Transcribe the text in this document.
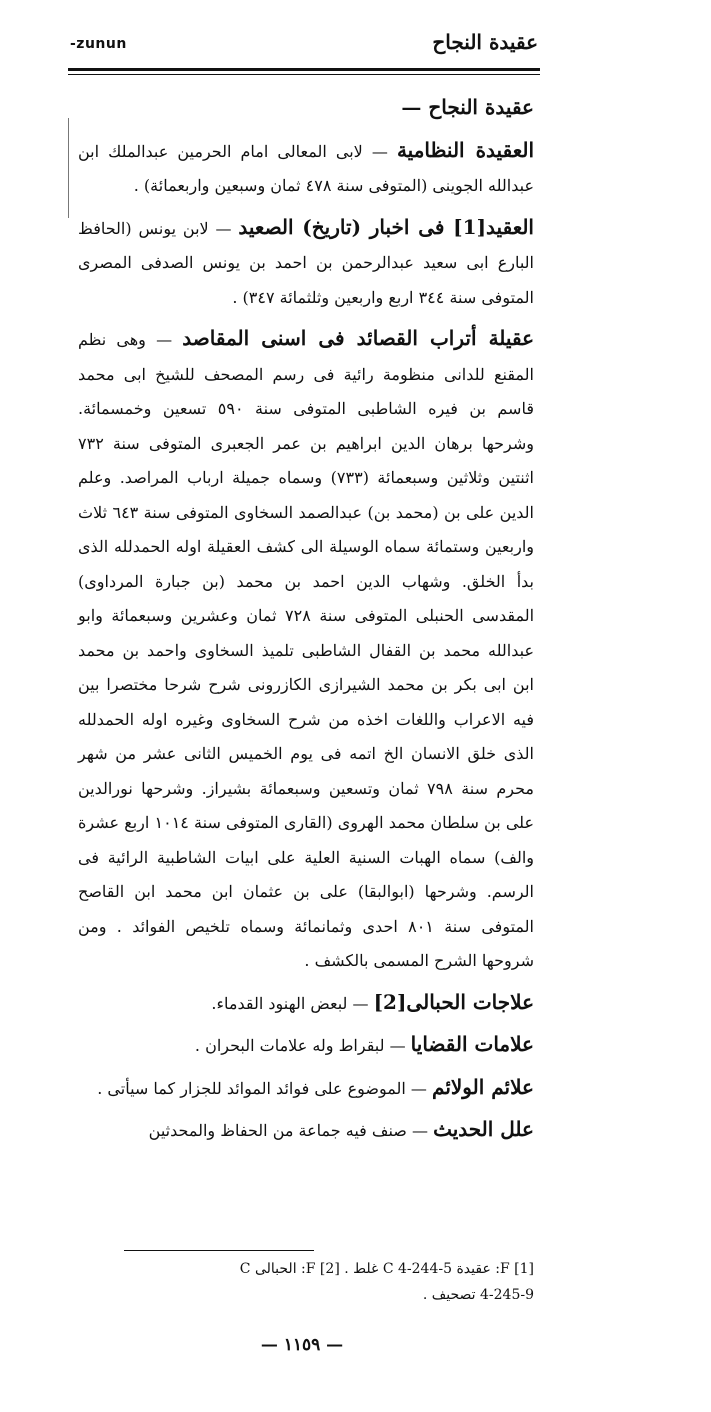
-zunun	عقيدة النجاح

عقيدة النجاح —

العقيدة النظامية — لابى المعالى امام الحرمين عبدالملك ابن عبدالله الجوينى (المتوفى سنة ٤٧٨ ثمان وسبعين واربعمائة) .

العقيد[1] فى اخبار (تاريخ) الصعيد — لابن يونس (الحافظ البارع ابى سعيد عبدالرحمن بن احمد بن يونس الصدفى المصرى المتوفى سنة ٣٤٤ اربع واربعين وثلثمائة ٣٤٧) .

عقيلة أتراب القصائد فى اسنى المقاصد — وهى نظم المقنع للدانى منظومة رائية فى رسم المصحف للشيخ ابى محمد قاسم بن فيره الشاطبى المتوفى سنة ٥٩٠ تسعين وخمسمائة. وشرحها برهان الدين ابراهيم بن عمر الجعبرى المتوفى سنة ٧٣٢ اثنتين وثلاثين وسبعمائة (٧٣٣) وسماه جميلة ارباب المراصد. وعلم الدين على بن (محمد بن) عبدالصمد السخاوى المتوفى سنة ٦٤٣ ثلاث واربعين وستمائة سماه الوسيلة الى كشف العقيلة اوله الحمدلله الذى بدأ الخلق. وشهاب الدين احمد بن محمد (بن جبارة المرداوى) المقدسى الحنبلى المتوفى سنة ٧٢٨ ثمان وعشرين وسبعمائة وابو عبدالله محمد بن القفال الشاطبى تلميذ السخاوى واحمد بن محمد ابن ابى بكر بن محمد الشيرازى الكازرونى شرح شرحا مختصرا بين فيه الاعراب واللغات اخذه من شرح السخاوى وغيره اوله الحمدلله الذى خلق الانسان الخ اتمه فى يوم الخميس الثانى عشر من شهر محرم سنة ٧٩٨ ثمان وتسعين وسبعمائة بشيراز. وشرحها نورالدين على بن سلطان محمد الهروى (القارى المتوفى سنة ١٠١٤ اربع عشرة والف) سماه الهبات السنية العلية على ابيات الشاطبية الرائية فى الرسم. وشرحها (ابوالبقا) على بن عثمان ابن محمد ابن القاصح المتوفى سنة ٨٠١ احدى وثمانمائة وسماه تلخيص الفوائد . ومن شروحها الشرح المسمى بالكشف .

علاجات الحبالى[2] — لبعض الهنود القدماء.

علامات القضايا — لبقراط وله علامات البحران .

علائم الولائم — الموضوع على فوائد الموائد للجزار كما سيأتى .

علل الحديث — صنف فيه جماعة من الحفاظ والمحدثين

[1] F: عقيدة C 4-244-5 غلط . [2] F: الحبالى C
4-245-9 تصحيف .
— ١١٥٩ —
